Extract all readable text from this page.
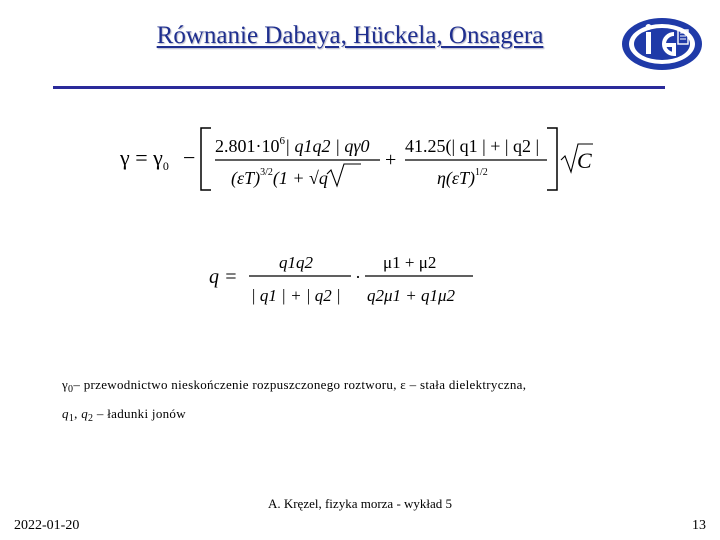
Równanie Dabaya, Hückela, Onsagera
$\gamma = \gamma_0 - 2.801\cdot 10^6|$ q1q2 | qγ0
$(\varepsilon T)^{3/2}(1 + √q$
+
41.25(| q1 | + | q2 |
$\eta(\varepsilon T)^{1/2}$	C
q =
q1q2
| q1 | + | q2 |
·
μ1 + μ2
q2μ1 + q1μ2
$\gamma_0-$ przewodnictwo nieskończenie rozpuszczonego roztworu, ε – stała dielektryczna,
$q_1$, $q_2$ – ładunki jonów
A. Kręzel, fizyka morza - wykład 5
2022-01-20	13
